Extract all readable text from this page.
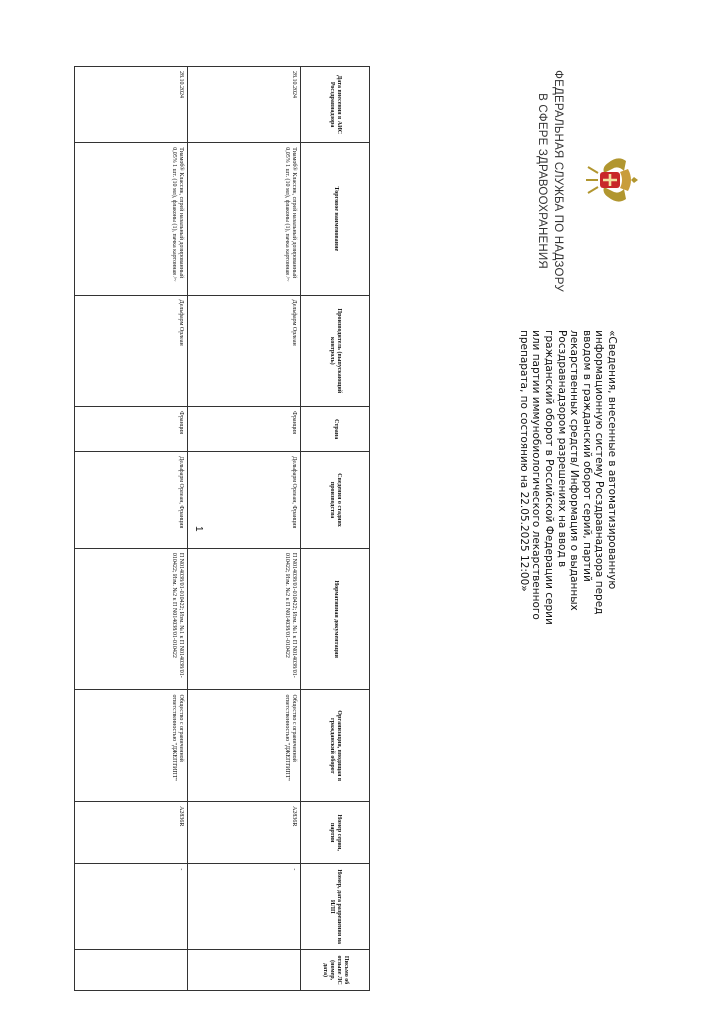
ФЕДЕРАЛЬНАЯ СЛУЖБА ПО НАДЗОРУ
В СФЕРЕ ЗДРАВООХРАНЕНИЯ
«Сведения, внесенные в автоматизированную информационную систему Росздравнадзора перед вводом в гражданский оборот серий, партий лекарственных средств/ Информация о выданных Росздравнадзором разрешениях на ввод в гражданский оборот в Российской Федерации серии или партии иммунобиологического лекарственного препарата, по состоянию на 22.05.2025 12:00»
Дата внесения в АИС Росздравнадзора	Торговое наименование	Производитель (выпускающий контроль)	Страна	Сведения о стадиях производства	Нормативная документация	Организация, вводящая в гражданский оборот	Номер серии, партии	Номер, дата разрешения на ИЛП	Письмо об отзыве ЛС (номер, дата)
28.10.2024	Тиамоб® Классик, спрей назальный дозированный 0,05% 1 шт. (10 мл), флаконы (1), пачка картонная /~	Дельфарм Орлеан	Франция	Дельфарм Орлеан, Франция	П N014038/01-010422; Изм. №1 к П N014038/01-010422; Изм. №2 к П N014038/01-010422	Общество с ограниченной ответственностью "ДЖЕПТИПТ"	A2836R	-	
28.10.2024	Тиамоб® Классик, спрей назальный дозированный 0,05% 1 шт. (10 мл), флаконы (1), пачка картонная /~	Дельфарм Орлеан	Франция	Дельфарм Орлеан, Франция	П N014038/01-010422; Изм. №1 к П N014038/01-010422; Изм. №2 к П N014038/01-010422	Общество с ограниченной ответственностью "ДЖЕПТИПТ"	A2836R	-	
1
